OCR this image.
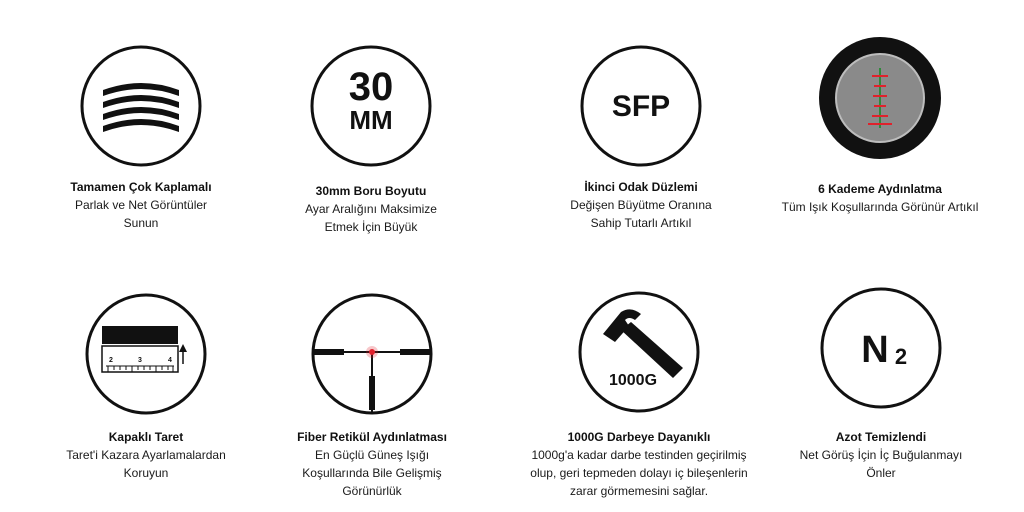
Tamamen Çok Kaplamalı
Parlak ve Net Görüntüler
Sunun
30
MM
30mm Boru Boyutu
Ayar Aralığını Maksimize
Etmek İçin Büyük
SFP
İkinci Odak Düzlemi
Değişen Büyütme Oranına
Sahip Tutarlı Artıkıl
6 Kademe Aydınlatma
Tüm Işık Koşullarında Görünür Artıkıl
2	3	4
Kapaklı Taret
Taret'i Kazara Ayarlamalardan
Koruyun
Fiber Retikül Aydınlatması
En Güçlü Güneş Işığı
Koşullarında Bile Gelişmiş
Görünürlük
1000G
1000G Darbeye Dayanıklı
1000g'a kadar darbe testinden geçirilmiş
olup, geri tepmeden dolayı iç bileşenlerin
zarar görmemesini sağlar.
N 2
Azot Temizlendi
Net Görüş İçin İç Buğulanmayı
Önler
